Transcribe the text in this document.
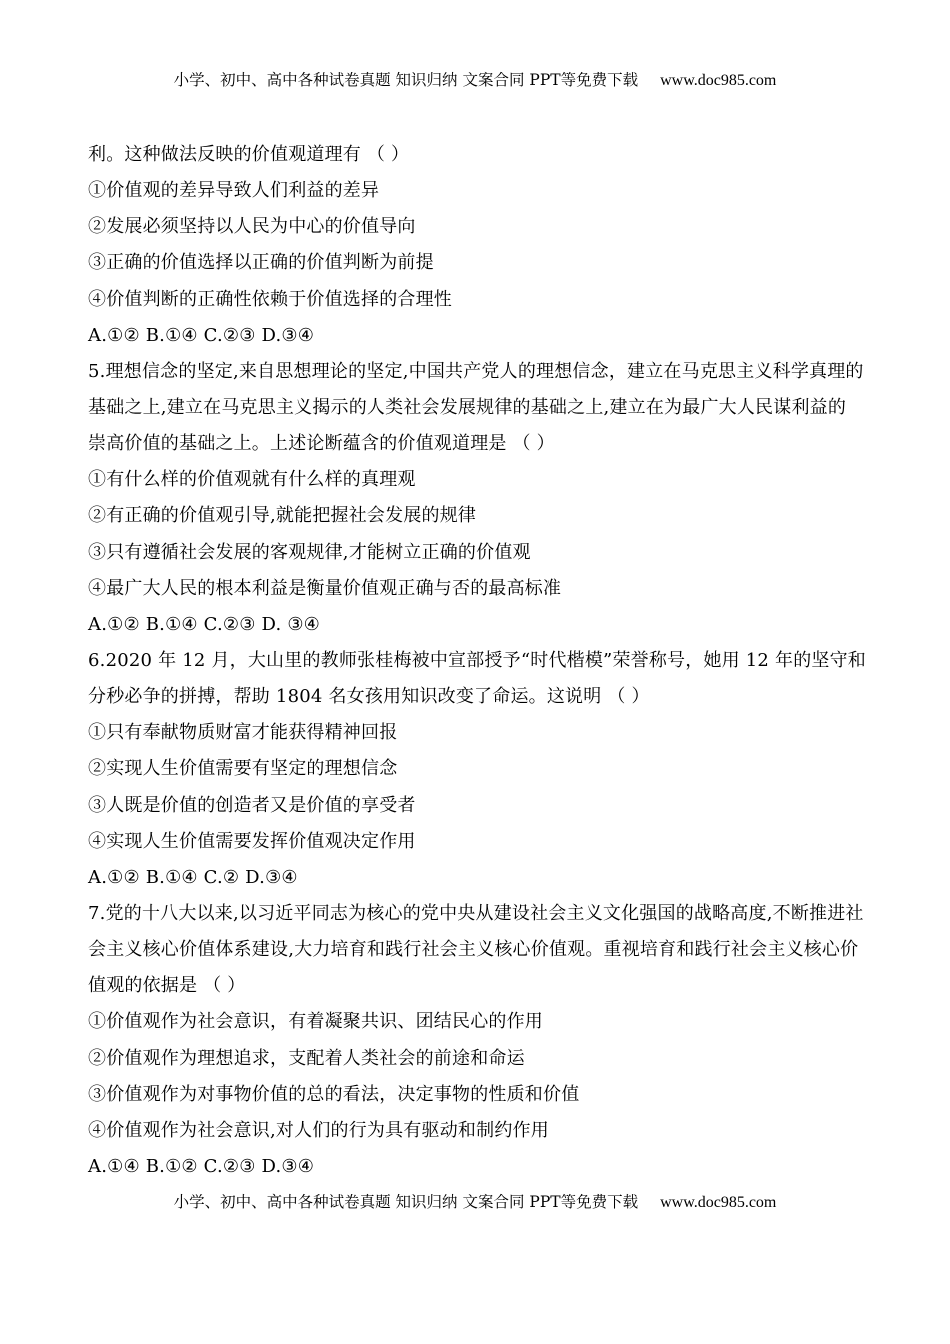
小学、初中、高中各种试卷真题 知识归纳 文案合同 PPT等免费下载 www.doc985.com
利。这种做法反映的价值观道理有 （ ）
①价值观的差异导致人们利益的差异
②发展必须坚持以人民为中心的价值导向
③正确的价值选择以正确的价值判断为前提
④价值判断的正确性依赖于价值选择的合理性
A.①② B.①④ C.②③ D.③④
5.理想信念的坚定,来自思想理论的坚定,中国共产党人的理想信念，建立在马克思主义科学真理的
基础之上,建立在马克思主义揭示的人类社会发展规律的基础之上,建立在为最广大人民谋利益的
崇高价值的基础之上。上述论断蕴含的价值观道理是 （ ）
①有什么样的价值观就有什么样的真理观
②有正确的价值观引导,就能把握社会发展的规律
③只有遵循社会发展的客观规律,才能树立正确的价值观
④最广大人民的根本利益是衡量价值观正确与否的最高标准
A.①② B.①④ C.②③ D. ③④
6.2020 年 12 月，大山里的教师张桂梅被中宣部授予“时代楷模”荣誉称号，她用 12 年的坚守和
分秒必争的拼搏，帮助 1804 名女孩用知识改变了命运。这说明 （ ）
①只有奉献物质财富才能获得精神回报
②实现人生价值需要有坚定的理想信念
③人既是价值的创造者又是价值的享受者
④实现人生价值需要发挥价值观决定作用
A.①② B.①④ C.② D.③④
7.党的十八大以来,以习近平同志为核心的党中央从建设社会主义文化强国的战略高度,不断推进社
会主义核心价值体系建设,大力培育和践行社会主义核心价值观。重视培育和践行社会主义核心价
值观的依据是 （ ）
①价值观作为社会意识，有着凝聚共识、团结民心的作用
②价值观作为理想追求，支配着人类社会的前途和命运
③价值观作为对事物价值的总的看法，决定事物的性质和价值
④价值观作为社会意识,对人们的行为具有驱动和制约作用
A.①④ B.①② C.②③ D.③④
小学、初中、高中各种试卷真题 知识归纳 文案合同 PPT等免费下载 www.doc985.com
